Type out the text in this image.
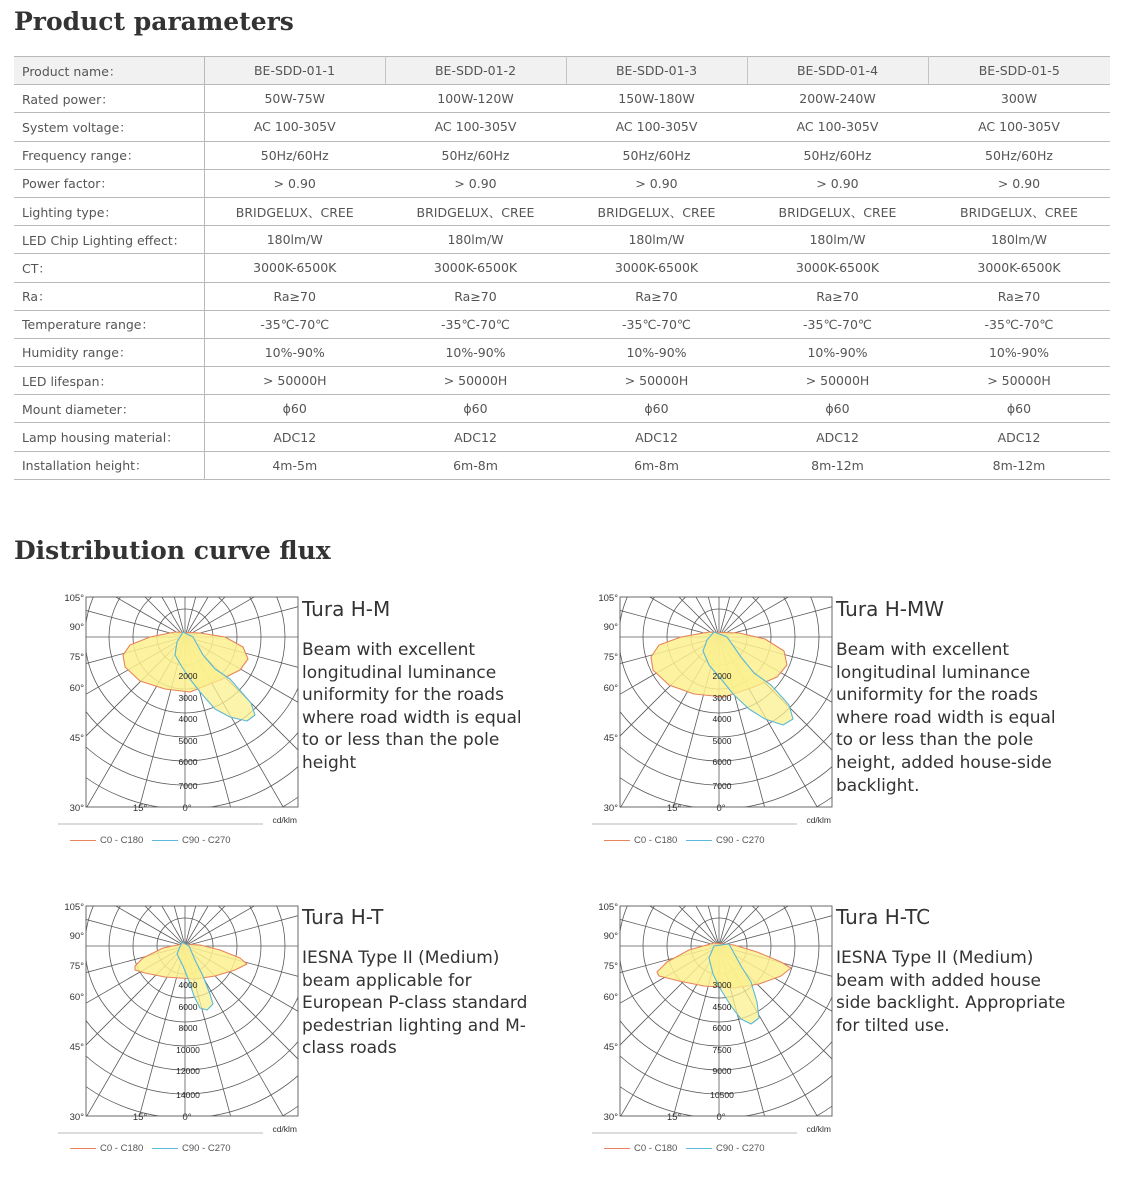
Product parameters
Product name：	BE-SDD-01-1	BE-SDD-01-2	BE-SDD-01-3	BE-SDD-01-4	BE-SDD-01-5
Rated power：	50W-75W	100W-120W	150W-180W	200W-240W	300W
System voltage：	AC 100-305V	AC 100-305V	AC 100-305V	AC 100-305V	AC 100-305V
Frequency range：	50Hz/60Hz	50Hz/60Hz	50Hz/60Hz	50Hz/60Hz	50Hz/60Hz
Power factor：	> 0.90	> 0.90	> 0.90	> 0.90	> 0.90
Lighting type：	BRIDGELUX、CREE	BRIDGELUX、CREE	BRIDGELUX、CREE	BRIDGELUX、CREE	BRIDGELUX、CREE
LED Chip Lighting effect：	180lm/W	180lm/W	180lm/W	180lm/W	180lm/W
CT：	3000K-6500K	3000K-6500K	3000K-6500K	3000K-6500K	3000K-6500K
Ra：	Ra≥70	Ra≥70	Ra≥70	Ra≥70	Ra≥70
Temperature range：	-35℃-70℃	-35℃-70℃	-35℃-70℃	-35℃-70℃	-35℃-70℃
Humidity range：	10%-90%	10%-90%	10%-90%	10%-90%	10%-90%
LED lifespan：	> 50000H	> 50000H	> 50000H	> 50000H	> 50000H
Mount diameter：	ϕ60	ϕ60	ϕ60	ϕ60	ϕ60
Lamp housing material：	ADC12	ADC12	ADC12	ADC12	ADC12
Installation height：	4m-5m	6m-8m	6m-8m	8m-12m	8m-12m
Distribution curve flux
105°
90°
75°
60°
45°
30°	15°	0°
2000
3000
4000
5000
6000
7000
cd/klm
C0 - C180	C90 - C270
Tura H-M
Beam with excellent longitudinal luminance uniformity for the roads where road width is equal to or less than the pole height
105°
90°
75°
60°
45°
30°	15°	0°
2000
3000
4000
5000
6000
7000
cd/klm
C0 - C180	C90 - C270
Tura H-MW
Beam with excellent longitudinal luminance uniformity for the roads where road width is equal to or less than the pole height, added house-side backlight.
105°
90°
75°
60°
45°
30°	15°	0°
4000
6000
8000
10000
12000
14000
cd/klm
C0 - C180	C90 - C270
Tura H-T
IESNA Type II (Medium) beam applicable for European P-class standard pedestrian lighting and M-class roads
105°
90°
75°
60°
45°
30°	15°	0°
3000
4500
6000
7500
9000
10500
cd/klm
C0 - C180	C90 - C270
Tura H-TC
IESNA Type II (Medium) beam with added house side backlight. Appropriate for tilted use.
